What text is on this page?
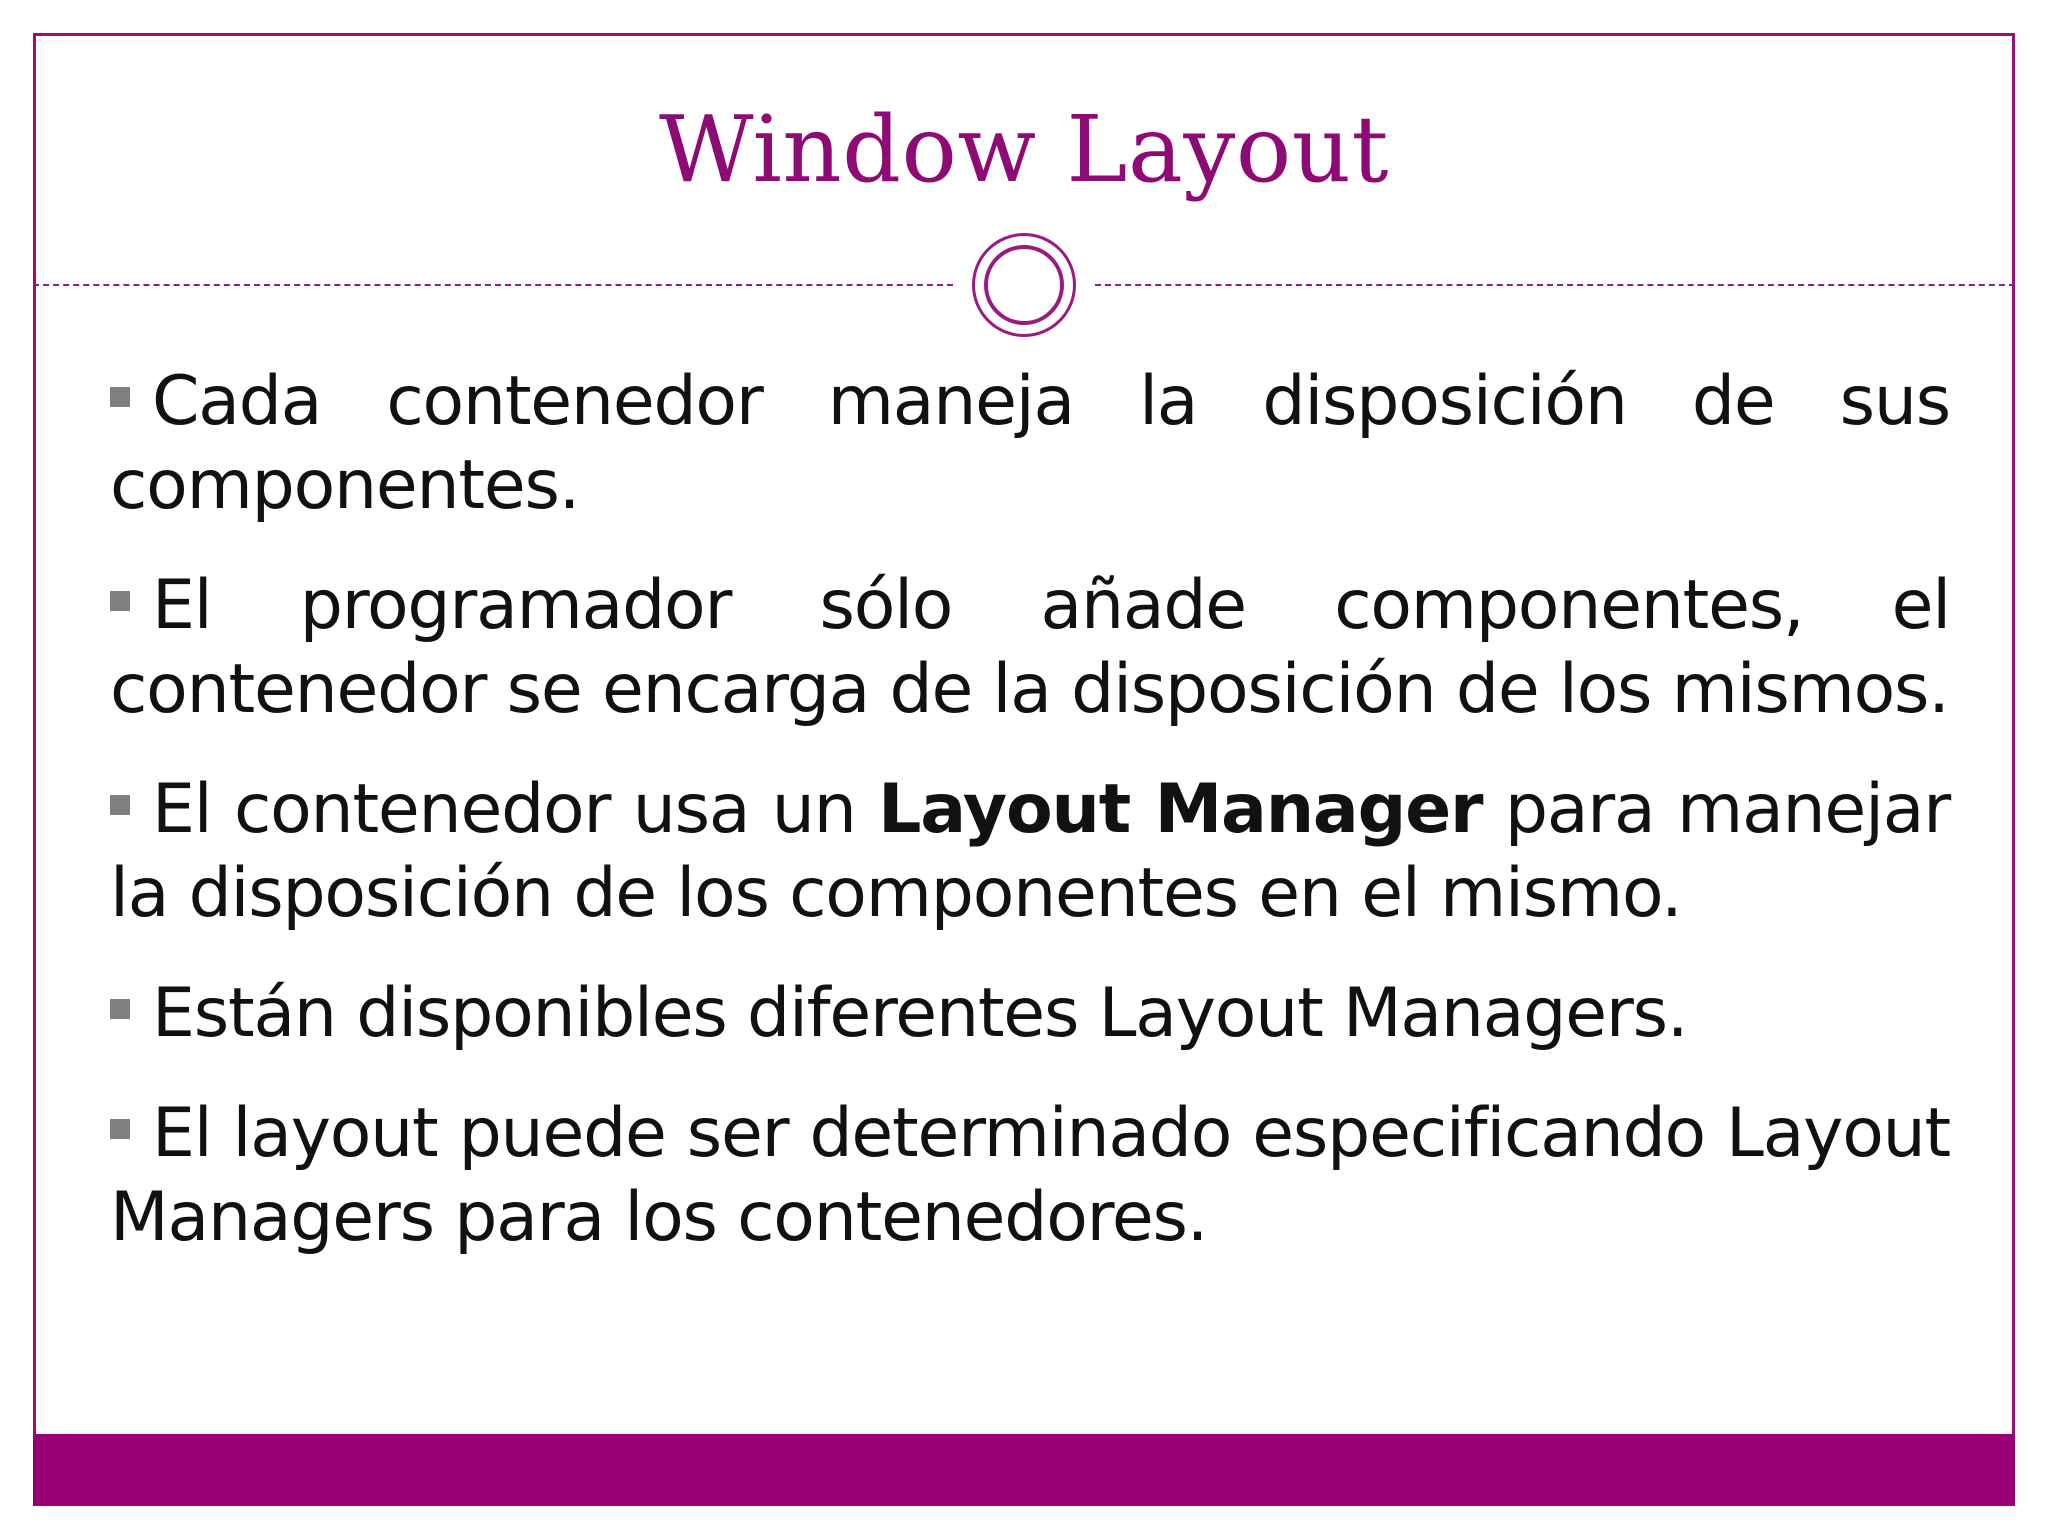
Window Layout

Cada contenedor maneja la disposición de sus componentes.

El programador sólo añade componentes, el contenedor se encarga de la disposición de los mismos.

El contenedor usa un Layout Manager para manejar la disposición de los componentes en el mismo.

Están disponibles diferentes Layout Managers.

El layout puede ser determinado especificando Layout Managers para los contenedores.
